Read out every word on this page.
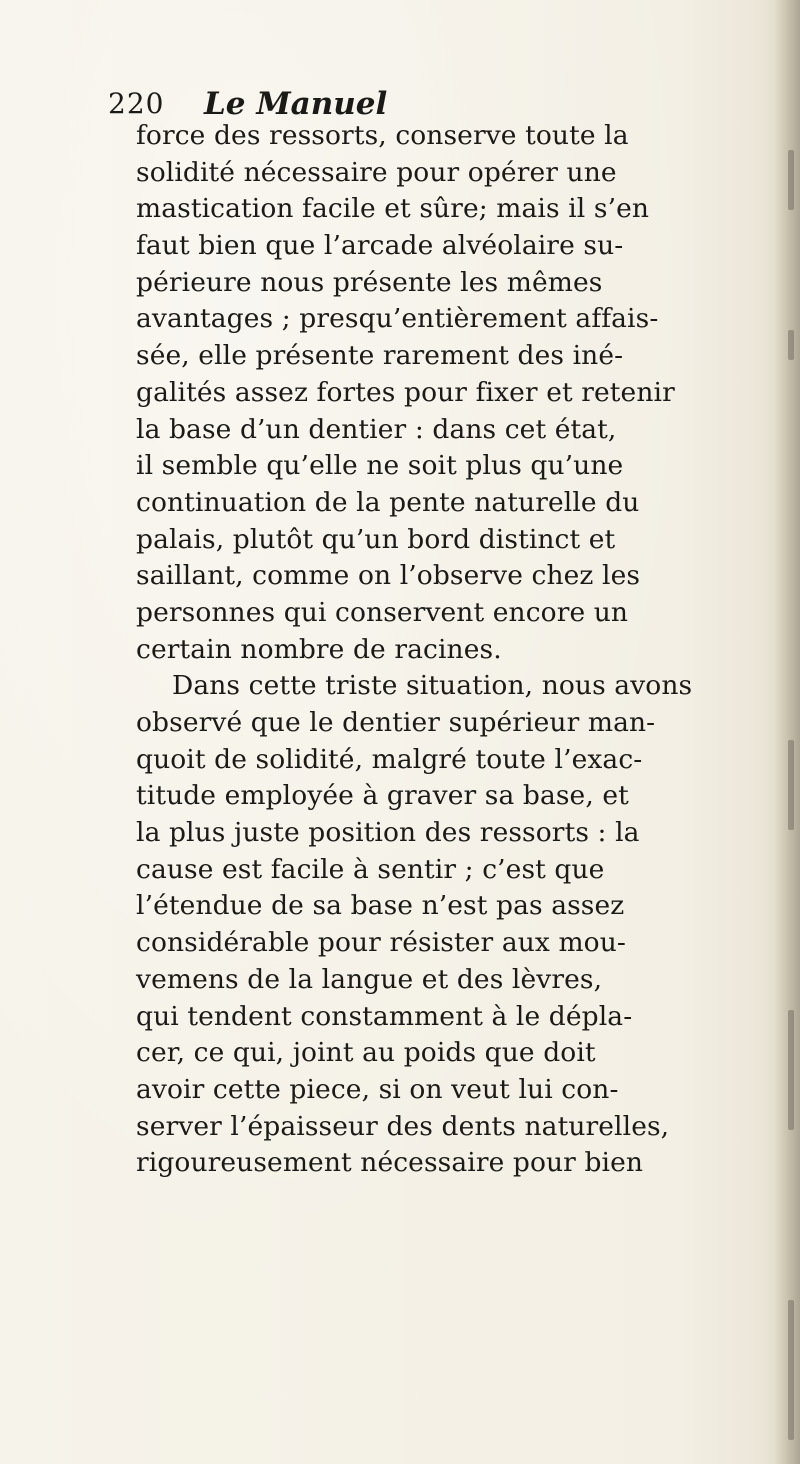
220 Le Manuel
force des ressorts, conserve toute la
solidité nécessaire pour opérer une
mastication facile et sûre; mais il s’en
faut bien que l’arcade alvéolaire su-
périeure nous présente les mêmes
avantages ; presqu’entièrement affais-
sée, elle présente rarement des iné-
galités assez fortes pour fixer et retenir
la base d’un dentier : dans cet état,
il semble qu’elle ne soit plus qu’une
continuation de la pente naturelle du
palais, plutôt qu’un bord distinct et
saillant, comme on l’observe chez les
personnes qui conservent encore un
certain nombre de racines.
Dans cette triste situation, nous avons
observé que le dentier supérieur man-
quoit de solidité, malgré toute l’exac-
titude employée à graver sa base, et
la plus juste position des ressorts : la
cause est facile à sentir ; c’est que
l’étendue de sa base n’est pas assez
considérable pour résister aux mou-
vemens de la langue et des lèvres,
qui tendent constamment à le dépla-
cer, ce qui, joint au poids que doit
avoir cette piece, si on veut lui con-
server l’épaisseur des dents naturelles,
rigoureusement nécessaire pour bien
